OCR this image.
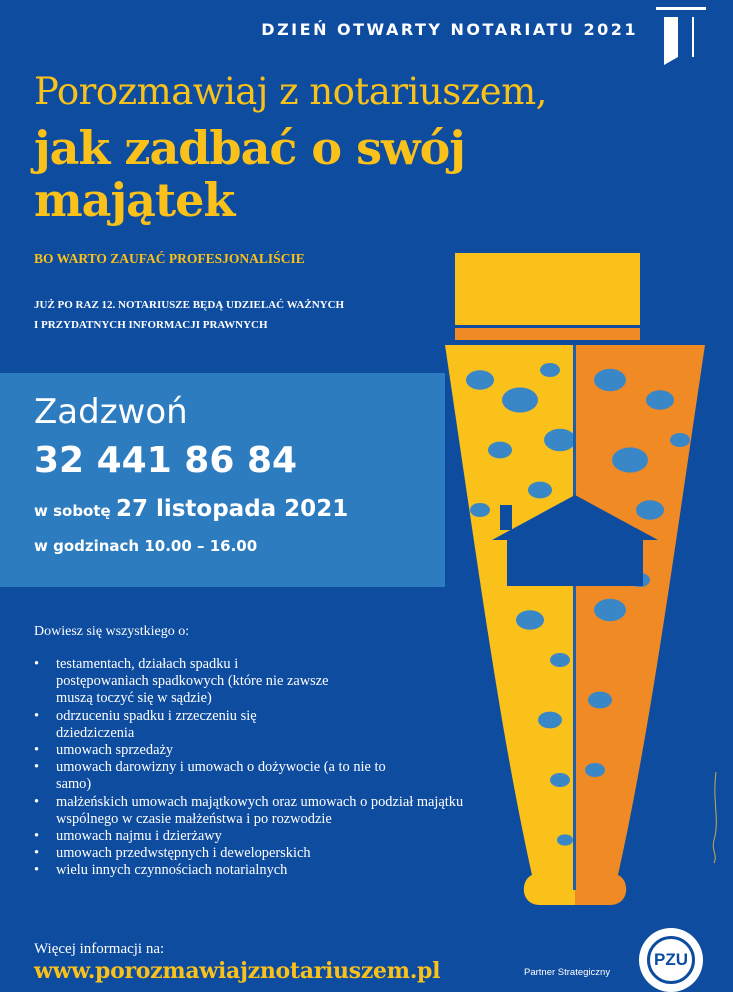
DZIEŃ OTWARTY NOTARIATU 2021
Porozmawiaj z notariuszem,
jak zadbać o swój
majątek
BO WARTO ZAUFAĆ PROFESJONALIŚCIE
JUŻ PO RAZ 12. NOTARIUSZE BĘDĄ UDZIELAĆ WAŻNYCH
I PRZYDATNYCH INFORMACJI PRAWNYCH
Zadzwoń
32 441 86 84
w sobotę 27 listopada 2021
w godzinach 10.00 – 16.00
Dowiesz się wszystkiego o:
• testamentach, działach spadku i postępowaniach spadkowych (które nie zawsze muszą toczyć się w sądzie)
• odrzuceniu spadku i zrzeczeniu się dziedziczenia
• umowach sprzedaży
• umowach darowizny i umowach o dożywocie (a to nie to samo)
• małżeńskich umowach majątkowych oraz umowach o podział majątku wspólnego w czasie małżeństwa i po rozwodzie
• umowach najmu i dzierżawy
• umowach przedwstępnych i deweloperskich
• wielu innych czynnościach notarialnych
Więcej informacji na:
www.porozmawiajznotariuszem.pl	Partner Strategiczny
PZU
